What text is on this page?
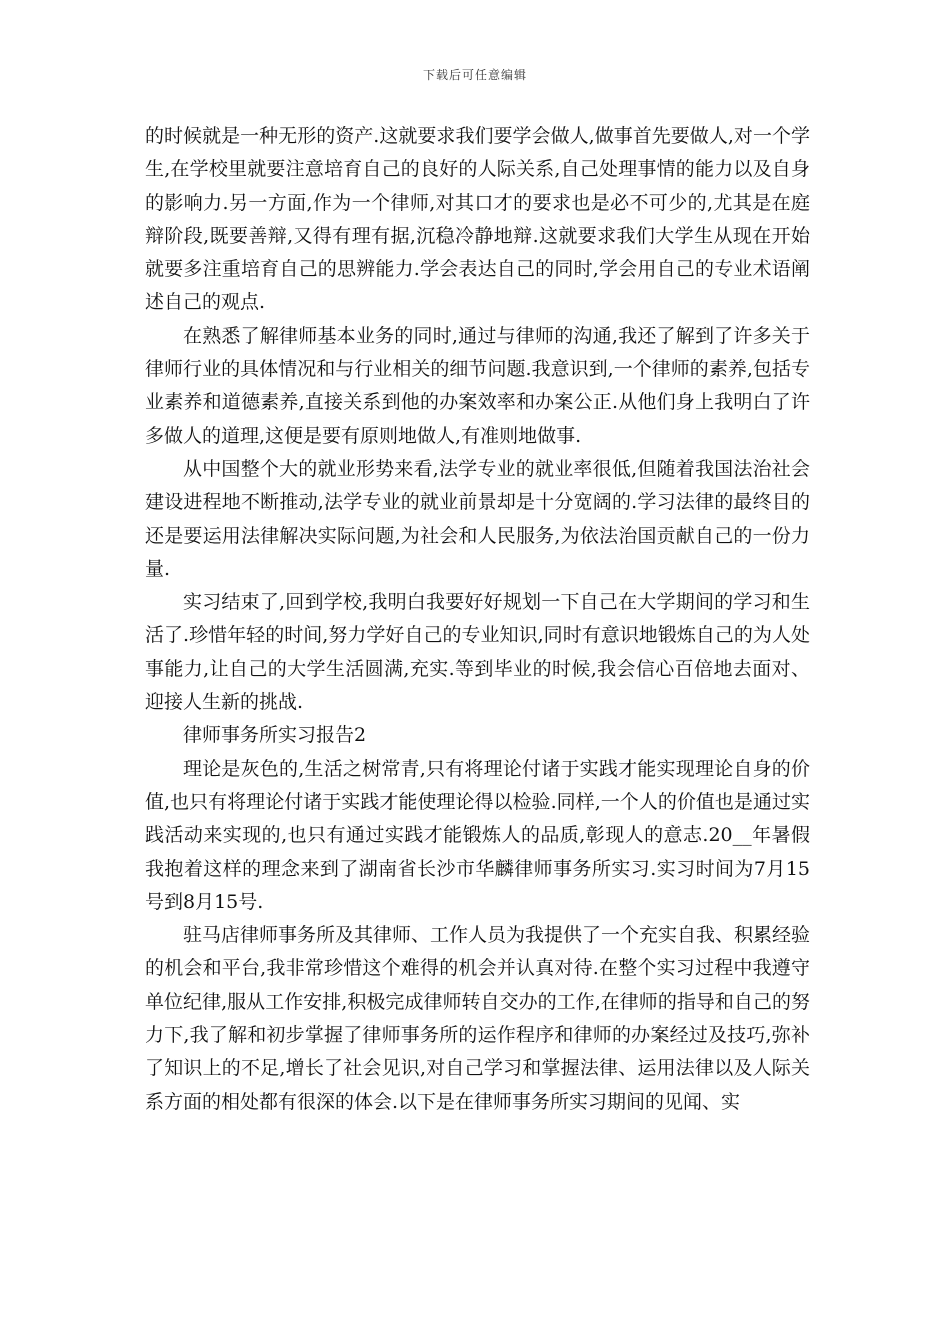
下载后可任意编辑

的时候就是一种无形的资产.这就要求我们要学会做人,做事首先要做人,对一个学生,在学校里就要注意培育自己的良好的人际关系,自己处理事情的能力以及自身的影响力.另一方面,作为一个律师,对其口才的要求也是必不可少的,尤其是在庭辩阶段,既要善辩,又得有理有据,沉稳冷静地辩.这就要求我们大学生从现在开始就要多注重培育自己的思辨能力.学会表达自己的同时,学会用自己的专业术语阐述自己的观点.

在熟悉了解律师基本业务的同时,通过与律师的沟通,我还了解到了许多关于律师行业的具体情况和与行业相关的细节问题.我意识到,一个律师的素养,包括专业素养和道德素养,直接关系到他的办案效率和办案公正.从他们身上我明白了许多做人的道理,这便是要有原则地做人,有准则地做事.

从中国整个大的就业形势来看,法学专业的就业率很低,但随着我国法治社会建设进程地不断推动,法学专业的就业前景却是十分宽阔的.学习法律的最终目的还是要运用法律解决实际问题,为社会和人民服务,为依法治国贡献自己的一份力量.

实习结束了,回到学校,我明白我要好好规划一下自己在大学期间的学习和生活了.珍惜年轻的时间,努力学好自己的专业知识,同时有意识地锻炼自己的为人处事能力,让自己的大学生活圆满,充实.等到毕业的时候,我会信心百倍地去面对、迎接人生新的挑战.

律师事务所实习报告2

理论是灰色的,生活之树常青,只有将理论付诸于实践才能实现理论自身的价值,也只有将理论付诸于实践才能使理论得以检验.同样,一个人的价值也是通过实践活动来实现的,也只有通过实践才能锻炼人的品质,彰现人的意志.20__年暑假我抱着这样的理念来到了湖南省长沙市华麟律师事务所实习.实习时间为7月15号到8月15号.

驻马店律师事务所及其律师、工作人员为我提供了一个充实自我、积累经验的机会和平台,我非常珍惜这个难得的机会并认真对待.在整个实习过程中我遵守单位纪律,服从工作安排,积极完成律师转自交办的工作,在律师的指导和自己的努力下,我了解和初步掌握了律师事务所的运作程序和律师的办案经过及技巧,弥补了知识上的不足,增长了社会见识,对自己学习和掌握法律、运用法律以及人际关系方面的相处都有很深的体会.以下是在律师事务所实习期间的见闻、实
